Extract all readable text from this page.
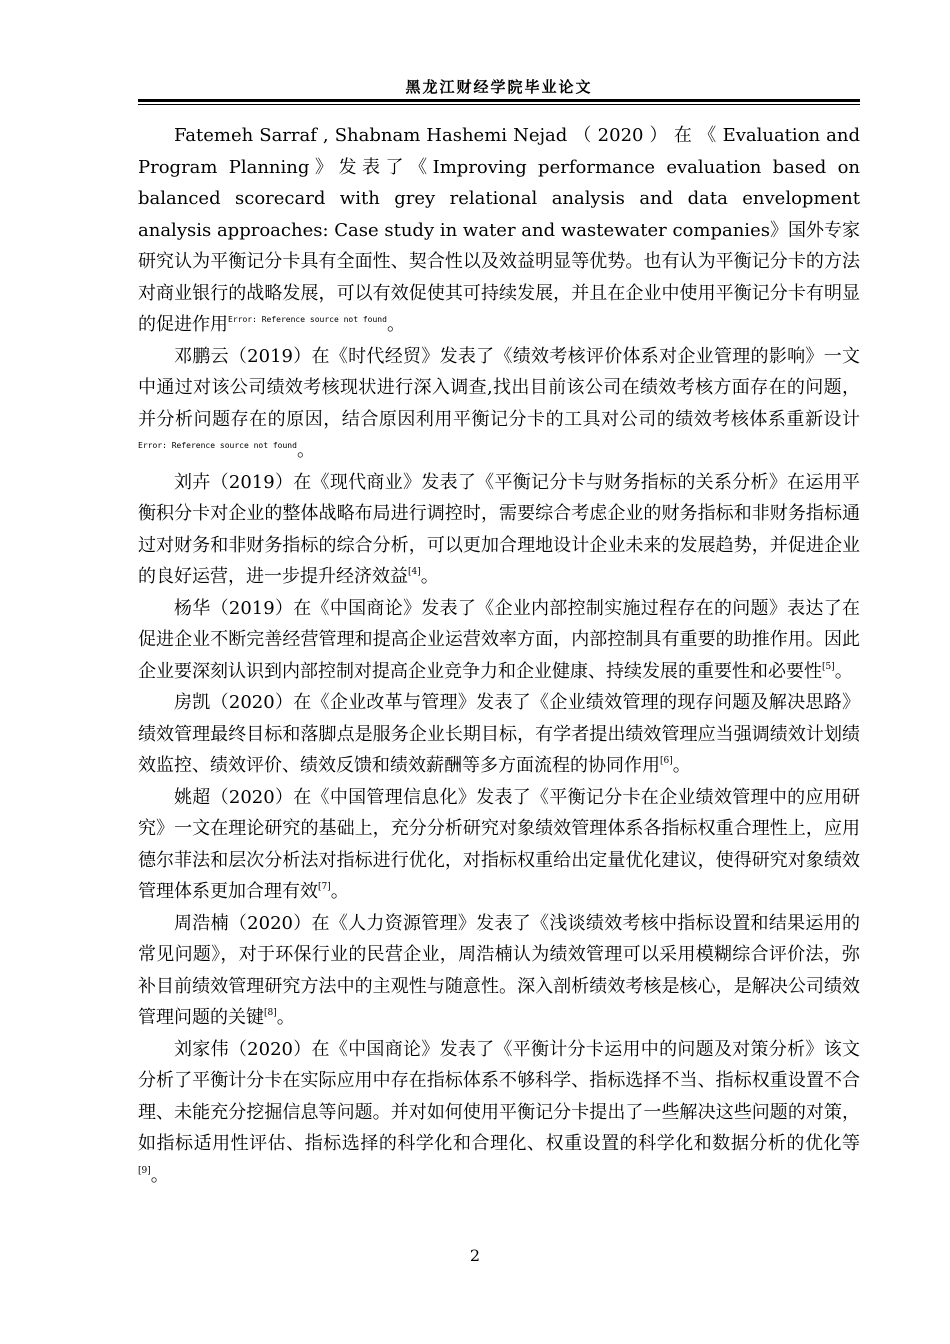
黑龙江财经学院毕业论文

Fatemeh Sarraf , Shabnam Hashemi Nejad （ 2020 ） 在 《 Evaluation and Program Planning》发表了《Improving performance evaluation based on balanced scorecard with grey relational analysis and data envelopment analysis approaches: Case study in water and wastewater companies》国外专家研究认为平衡记分卡具有全面性、契合性以及效益明显等优势。也有认为平衡记分卡的方法对商业银行的战略发展，可以有效促使其可持续发展，并且在企业中使用平衡记分卡有明显的促进作用$^{Error: Reference source not found}$。

邓鹏云（2019）在《时代经贸》发表了《绩效考核评价体系对企业管理的影响》一文中通过对该公司绩效考核现状进行深入调查,找出目前该公司在绩效考核方面存在的问题，并分析问题存在的原因，结合原因利用平衡记分卡的工具对公司的绩效考核体系重新设计$^{Error: Reference source not found}$。

刘卉（2019）在《现代商业》发表了《平衡记分卡与财务指标的关系分析》在运用平衡积分卡对企业的整体战略布局进行调控时，需要综合考虑企业的财务指标和非财务指标通过对财务和非财务指标的综合分析，可以更加合理地设计企业未来的发展趋势，并促进企业的良好运营，进一步提升经济效益[4]。

杨华（2019）在《中国商论》发表了《企业内部控制实施过程存在的问题》表达了在促进企业不断完善经营管理和提高企业运营效率方面，内部控制具有重要的助推作用。因此企业要深刻认识到内部控制对提高企业竞争力和企业健康、持续发展的重要性和必要性[5]。

房凯（2020）在《企业改革与管理》发表了《企业绩效管理的现存问题及解决思路》绩效管理最终目标和落脚点是服务企业长期目标，有学者提出绩效管理应当强调绩效计划绩效监控、绩效评价、绩效反馈和绩效薪酬等多方面流程的协同作用[6]。

姚超（2020）在《中国管理信息化》发表了《平衡记分卡在企业绩效管理中的应用研究》一文在理论研究的基础上，充分分析研究对象绩效管理体系各指标权重合理性上，应用德尔菲法和层次分析法对指标进行优化，对指标权重给出定量优化建议，使得研究对象绩效管理体系更加合理有效[7]。

周浩楠（2020）在《人力资源管理》发表了《浅谈绩效考核中指标设置和结果运用的常见问题》，对于环保行业的民营企业，周浩楠认为绩效管理可以采用模糊综合评价法，弥补目前绩效管理研究方法中的主观性与随意性。深入剖析绩效考核是核心，是解决公司绩效管理问题的关键[8]。

刘家伟（2020）在《中国商论》发表了《平衡计分卡运用中的问题及对策分析》该文分析了平衡计分卡在实际应用中存在指标体系不够科学、指标选择不当、指标权重设置不合理、未能充分挖掘信息等问题。并对如何使用平衡记分卡提出了一些解决这些问题的对策，如指标适用性评估、指标选择的科学化和合理化、权重设置的科学化和数据分析的优化等[9]。

2
